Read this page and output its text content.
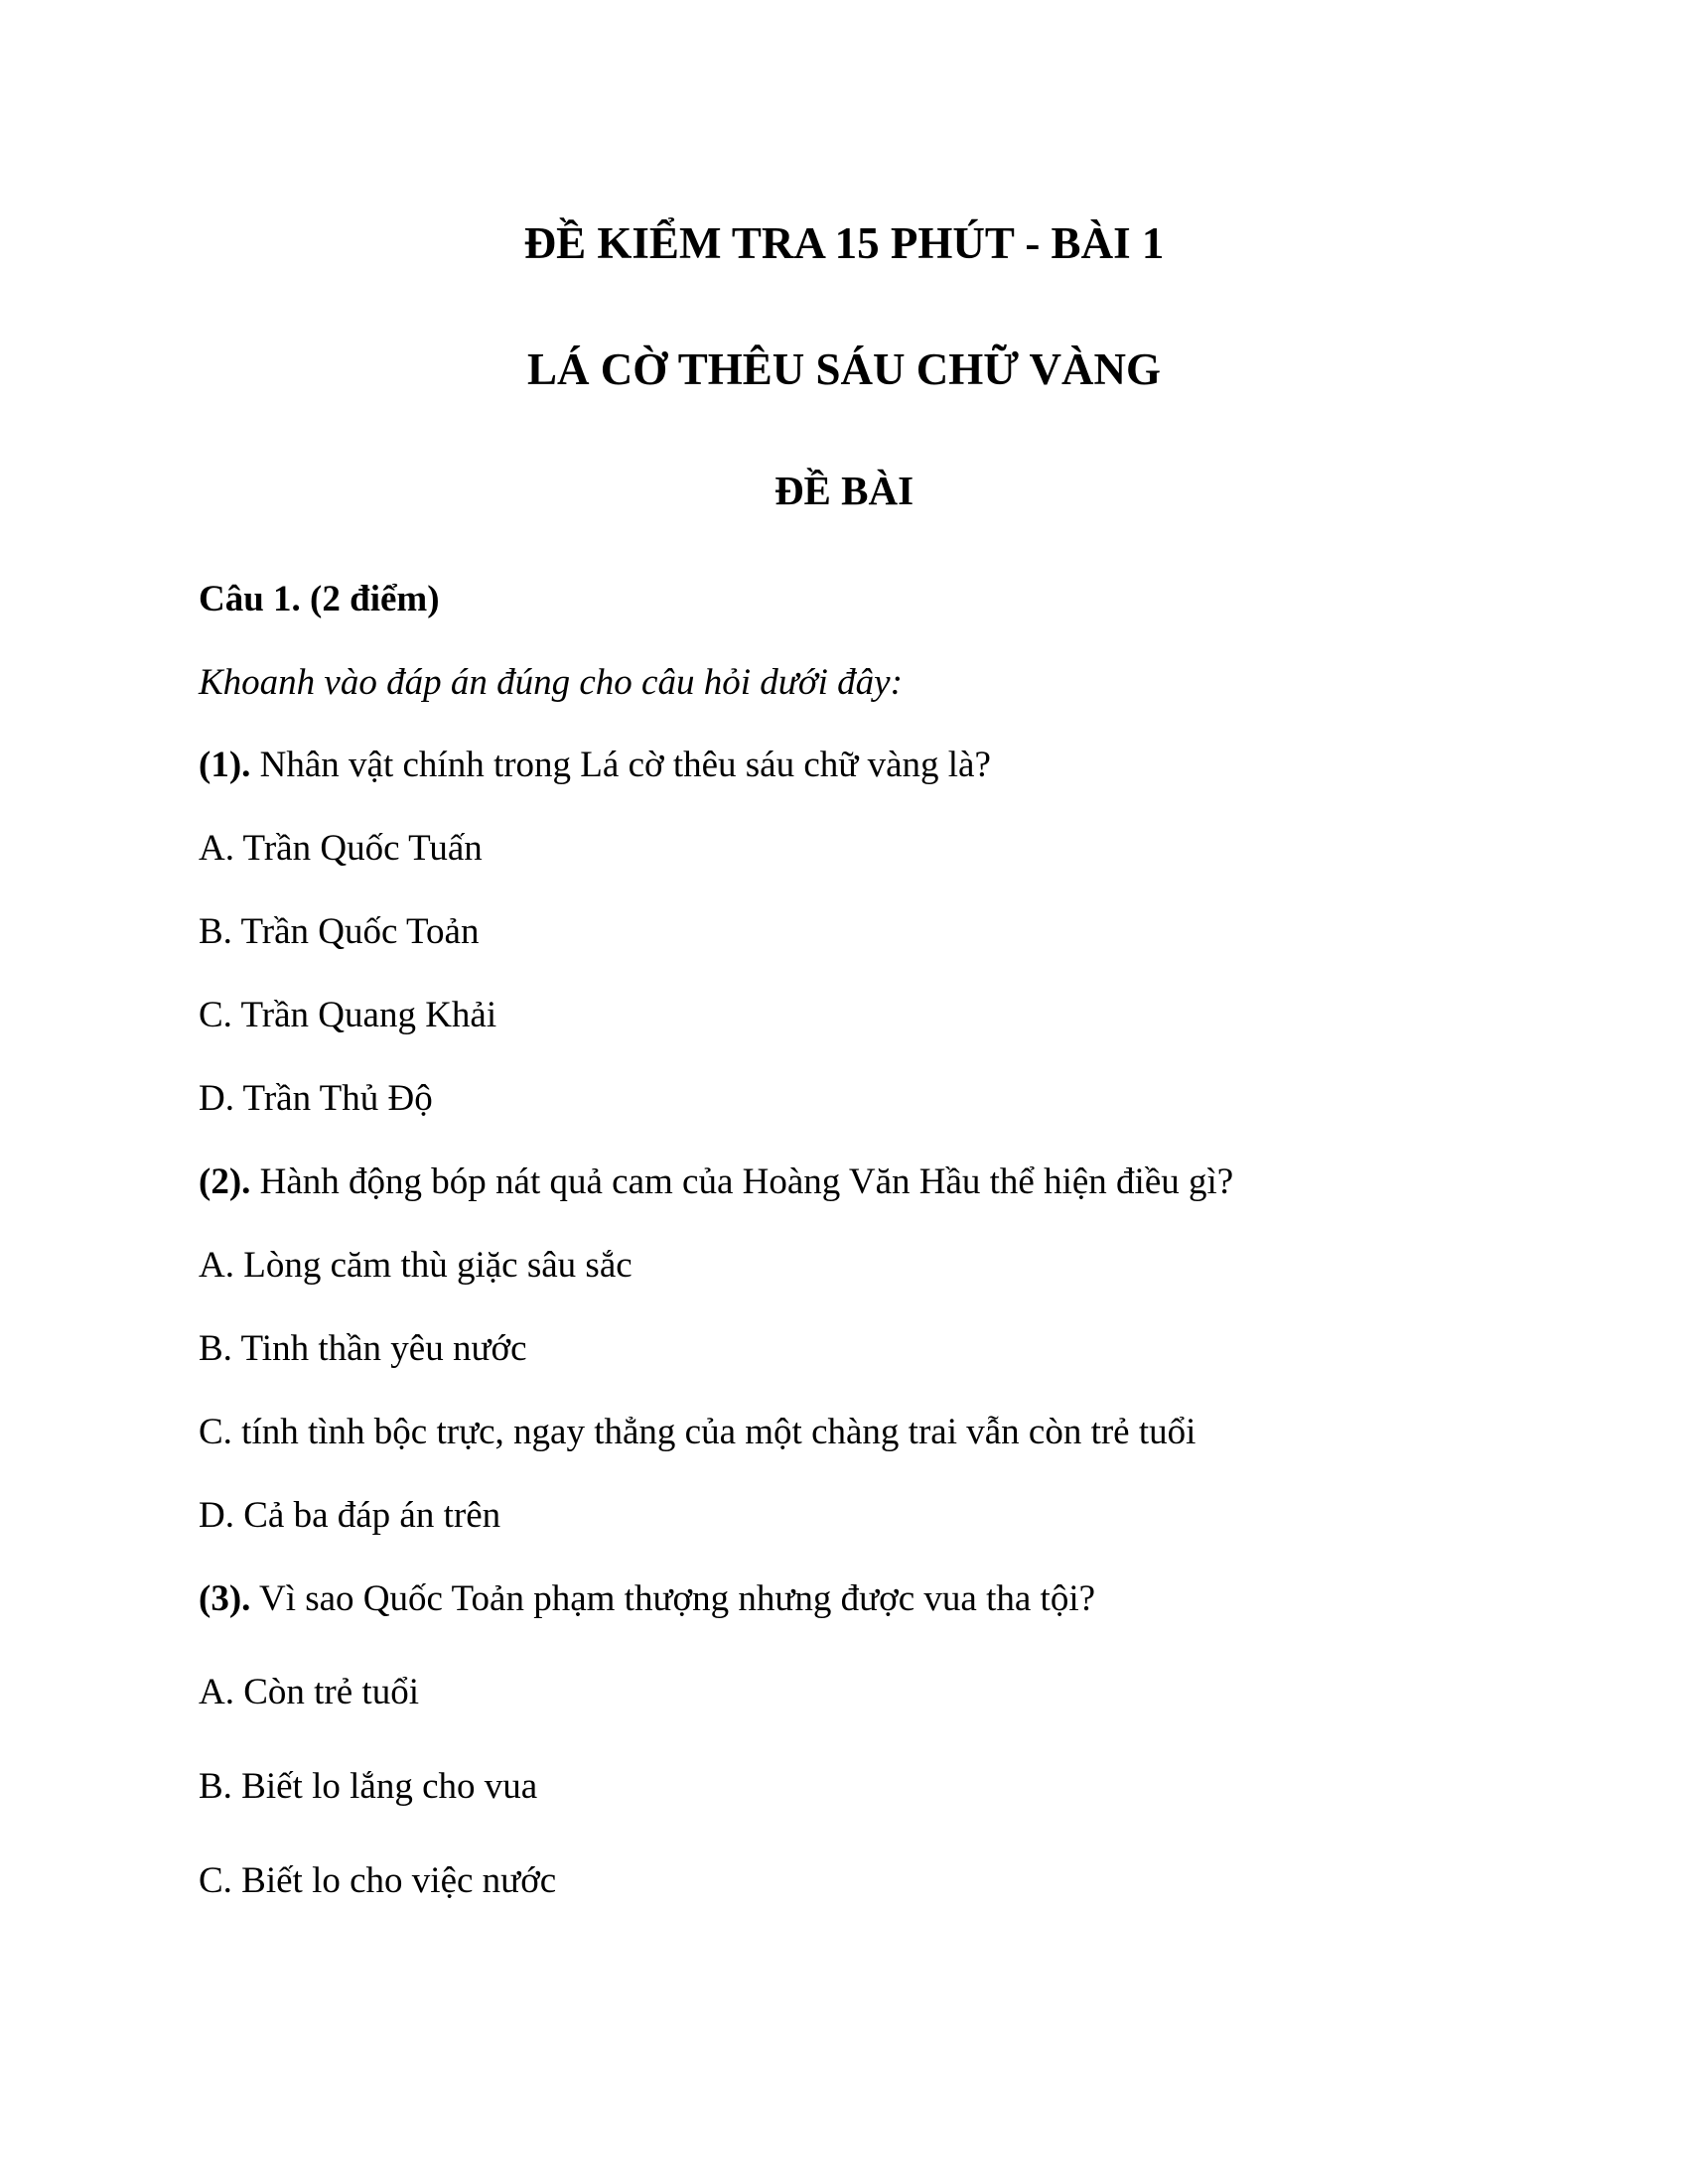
ĐỀ KIỂM TRA 15 PHÚT - BÀI 1
LÁ CỜ THÊU SÁU CHỮ VÀNG
ĐỀ BÀI
Câu 1. (2 điểm)
Khoanh vào đáp án đúng cho câu hỏi dưới đây:
(1). Nhân vật chính trong Lá cờ thêu sáu chữ vàng là?
A. Trần Quốc Tuấn
B. Trần Quốc Toản
C. Trần Quang Khải
D. Trần Thủ Độ
(2). Hành động bóp nát quả cam của Hoàng Văn Hầu thể hiện điều gì?
A. Lòng căm thù giặc sâu sắc
B. Tinh thần yêu nước
C. tính tình bộc trực, ngay thẳng của một chàng trai vẫn còn trẻ tuổi
D. Cả ba đáp án trên
(3). Vì sao Quốc Toản phạm thượng nhưng được vua tha tội?
A. Còn trẻ tuổi
B. Biết lo lắng cho vua
C. Biết lo cho việc nước
